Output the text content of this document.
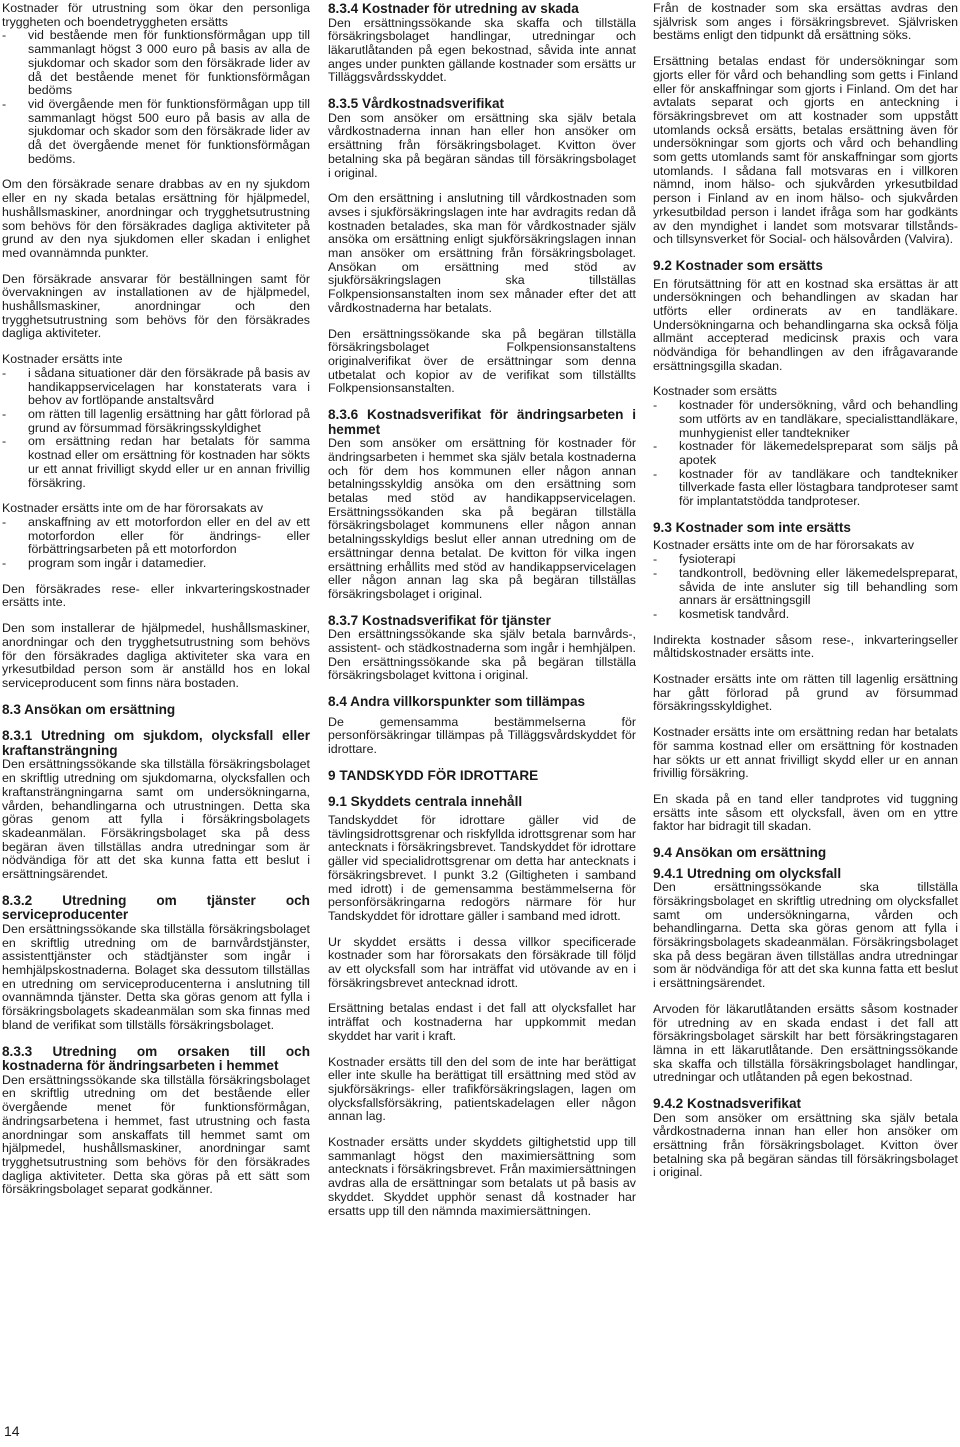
Kostnader för utrustning som ökar den personliga tryggheten och boendetryggheten ersätts

- vid bestående men för funktionsförmågan upp till sammanlagt högst 3 000 euro på basis av alla de sjukdomar och skador som den försäkrade lider av då det bestående menet för funktionsförmågan bedöms
- vid övergående men för funktionsförmågan upp till sammanlagt högst 500 euro på basis av alla de sjukdomar och skador som den försäkrade lider av då det övergående menet för funktionsförmågan bedöms.

Om den försäkrade senare drabbas av en ny sjukdom eller en ny skada betalas ersättning för hjälpmedel, hushållsmaskiner, anordningar och trygghetsutrustning som behövs för den försäkrades dagliga aktiviteter på grund av den nya sjukdomen eller skadan i enlighet med ovannämnda punkter.

Den försäkrade ansvarar för beställningen samt för övervakningen av installationen av de hjälpmedel, hushållsmaskiner, anordningar och den trygghetsutrustning som behövs för den försäkrades dagliga aktiviteter.

Kostnader ersätts inte

- i sådana situationer där den försäkrade på basis av handikappservicelagen har konstaterats vara i behov av fortlöpande anstaltsvård
- om rätten till lagenlig ersättning har gått förlorad på grund av försummad försäkringsskyldighet
- om ersättning redan har betalats för samma kostnad eller om ersättning för kostnaden har sökts ur ett annat frivilligt skydd eller ur en annan frivillig försäkring.

Kostnader ersätts inte om de har förorsakats av

- anskaffning av ett motorfordon eller en del av ett motorfordon eller för ändrings- eller förbättringsarbeten på ett motorfordon
- program som ingår i datamedier.

Den försäkrades rese- eller inkvarteringskostnader ersätts inte.

Den som installerar de hjälpmedel, hushållsmaskiner, anordningar och den trygghetsutrustning som behövs för den försäkrades dagliga aktiviteter ska vara en yrkesutbildad person som är anställd hos en lokal serviceproducent som finns nära bostaden.

8.3 Ansökan om ersättning
8.3.1 Utredning om sjukdom, olycksfall eller kraftansträngning

Den ersättningssökande ska tillställa försäkringsbolaget en skriftlig utredning om sjukdomarna, olycksfallen och kraftansträngningarna samt om undersökningarna, vården, behandlingarna och utrustningen. Detta ska göras genom att fylla i försäkringsbolagets skadeanmälan. Försäkringsbolaget ska på dess begäran även tillställas andra utredningar som är nödvändiga för att det ska kunna fatta ett beslut i ersättningsärendet.

8.3.2 Utredning om tjänster och serviceproducenter

Den ersättningssökande ska tillställa försäkringsbolaget en skriftlig utredning om de barnvårdstjänster, assistenttjänster och städtjänster som ingår i hemhjälpskostnaderna. Bolaget ska dessutom tillställas en utredning om serviceproducenterna i anslutning till ovannämnda tjänster. Detta ska göras genom att fylla i försäkringsbolagets skadeanmälan som ska finnas med bland de verifikat som tillställs försäkringsbolaget.

8.3.3 Utredning om orsaken till och kostnaderna för ändringsarbeten i hemmet

Den ersättningssökande ska tillställa försäkringsbolaget en skriftlig utredning om det bestående eller övergående menet för funktionsförmågan, ändringsarbetena i hemmet, fast utrustning och fasta anordningar som anskaffats till hemmet samt om hjälpmedel, hushållsmaskiner, anordningar samt trygghetsutrustning som behövs för den försäkrades dagliga aktiviteter. Detta ska göras på ett sätt som försäkringsbolaget separat godkänner.

8.3.4 Kostnader för utredning av skada

Den ersättningssökande ska skaffa och tillställa försäkringsbolaget handlingar, utredningar och läkarutlåtanden på egen bekostnad, såvida inte annat anges under punkten gällande kostnader som ersätts ur Tilläggsvårdsskyddet.

8.3.5 Vårdkostnadsverifikat

Den som ansöker om ersättning ska själv betala vårdkostnaderna innan han eller hon ansöker om ersättning från försäkringsbolaget. Kvitton över betalning ska på begäran sändas till försäkringsbolaget i original.

Om den ersättning i anslutning till vårdkostnaden som avses i sjukförsäkringslagen inte har avdragits redan då kostnaden betalades, ska man för vårdkostnader själv ansöka om ersättning enligt sjukförsäkringslagen innan man ansöker om ersättning från försäkringsbolaget. Ansökan om ersättning med stöd av sjukförsäkringslagen ska tillställas Folkpensionsanstalten inom sex månader efter det att vårdkostnaderna har betalats.

Den ersättningssökande ska på begäran tillställa försäkringsbolaget Folkpensionsanstaltens originalverifikat över de ersättningar som denna utbetalat och kopior av de verifikat som tillställts Folkpensionsanstalten.

8.3.6 Kostnadsverifikat för ändringsarbeten i hemmet

Den som ansöker om ersättning för kostnader för ändringsarbeten i hemmet ska själv betala kostnaderna och för dem hos kommunen eller någon annan betalningsskyldig ansöka om den ersättning som betalas med stöd av handikappservicelagen. Ersättningssökanden ska på begäran tillställa försäkringsbolaget kommunens eller någon annan betalningsskyldigs beslut eller annan utredning om de ersättningar denna betalat. De kvitton för vilka ingen ersättning erhållits med stöd av handikappservicelagen eller någon annan lag ska på begäran tillställas försäkringsbolaget i original.

8.3.7 Kostnadsverifikat för tjänster

Den ersättningssökande ska själv betala barnvårds-, assistent- och städkostnaderna som ingår i hemhjälpen. Den ersättningssökande ska på begäran tillställa försäkringsbolaget kvittona i original.

8.4 Andra villkorspunkter som tillämpas

De gemensamma bestämmelserna för personförsäkringar tillämpas på Tilläggsvårdskyddet för idrottare.

9 TANDSKYDD FÖR IDROTTARE
9.1 Skyddets centrala innehåll

Tandskyddet för idrottare gäller vid de tävlingsidrottsgrenar och riskfyllda idrottsgrenar som har antecknats i försäkringsbrevet. Tandskyddet för idrottare gäller vid specialidrottsgrenar om detta har antecknats i försäkringsbrevet. I punkt 3.2 (Giltigheten i samband med idrott) i de gemensamma bestämmelserna för personförsäkringarna redogörs närmare för hur Tandskyddet för idrottare gäller i samband med idrott.

Ur skyddet ersätts i dessa villkor specificerade kostnader som har förorsakats den försäkrade till följd av ett olycksfall som har inträffat vid utövande av en i försäkringsbrevet antecknad idrott.

Ersättning betalas endast i det fall att olycksfallet har inträffat och kostnaderna har uppkommit medan skyddet har varit i kraft.

Kostnader ersätts till den del som de inte har berättigat eller inte skulle ha berättigat till ersättning med stöd av sjukförsäkrings- eller trafikförsäkringslagen, lagen om olycksfallsförsäkring, patientskadelagen eller någon annan lag.

Kostnader ersätts under skyddets giltighetstid upp till sammanlagt högst den maximiersättning som antecknats i försäkringsbrevet. Från maximiersättningen avdras alla de ersättningar som betalats ut på basis av skyddet. Skyddet upphör senast då kostnader har ersatts upp till den nämnda maximiersättningen.

Från de kostnader som ska ersättas avdras den självrisk som anges i försäkringsbrevet. Självrisken bestäms enligt den tidpunkt då ersättning söks.

Ersättning betalas endast för undersökningar som gjorts eller för vård och behandling som getts i Finland eller för anskaffningar som gjorts i Finland. Om det har avtalats separat och gjorts en anteckning i försäkringsbrevet om att kostnader som uppstått utomlands också ersätts, betalas ersättning även för undersökningar som gjorts och vård och behandling som getts utomlands samt för anskaffningar som gjorts utomlands. I sådana fall motsvaras en i villkoren nämnd, inom hälso- och sjukvården yrkesutbildad person i Finland av en inom hälso- och sjukvården yrkesutbildad person i landet ifråga som har godkänts av den myndighet i landet som motsvarar tillstånds- och tillsynsverket för Social- och hälsovården (Valvira).

9.2 Kostnader som ersätts

En förutsättning för att en kostnad ska ersättas är att undersökningen och behandlingen av skadan har utförts eller ordinerats av en tandläkare. Undersökningarna och behandlingarna ska också följa allmänt accepterad medicinsk praxis och vara nödvändiga för behandlingen av den ifrågavarande ersättningsgilla skadan.

Kostnader som ersätts

- kostnader för undersökning, vård och behandling som utförts av en tandläkare, specialisttandläkare, munhygienist eller tandtekniker
- kostnader för läkemedelspreparat som säljs på apotek
- kostnader för av tandläkare och tandtekniker tillverkade fasta eller löstagbara tandproteser samt för implantatstödda tandproteser.
9.3 Kostnader som inte ersätts

Kostnader ersätts inte om de har förorsakats av

- fysioterapi
- tandkontroll, bedövning eller läkemedelspreparat, såvida de inte ansluter sig till behandling som annars är ersättningsgill
- kosmetisk tandvård.

Indirekta kostnader såsom rese-, inkvarteringseller måltidskostnader ersätts inte.

Kostnader ersätts inte om rätten till lagenlig ersättning har gått förlorad på grund av försummad försäkringsskyldighet.

Kostnader ersätts inte om ersättning redan har betalats för samma kostnad eller om ersättning för kostnaden har sökts ur ett annat frivilligt skydd eller ur en annan frivillig försäkring.

En skada på en tand eller tandprotes vid tuggning ersätts inte såsom ett olycksfall, även om en yttre faktor har bidragit till skadan.

9.4 Ansökan om ersättning
9.4.1 Utredning om olycksfall

Den ersättningssökande ska tillställa försäkringsbolaget en skriftlig utredning om olycksfallet samt om undersökningarna, vården och behandlingarna. Detta ska göras genom att fylla i försäkringsbolagets skadeanmälan. Försäkringsbolaget ska på dess begäran även tillställas andra utredningar som är nödvändiga för att det ska kunna fatta ett beslut i ersättningsärendet.

Arvoden för läkarutlåtanden ersätts såsom kostnader för utredning av en skada endast i det fall att försäkringsbolaget särskilt har bett försäkringstagaren lämna in ett läkarutlåtande. Den ersättningssökande ska skaffa och tillställa försäkringsbolaget handlingar, utredningar och utlåtanden på egen bekostnad.

9.4.2 Kostnadsverifikat

Den som ansöker om ersättning ska själv betala vårdkostnaderna innan han eller hon ansöker om ersättning från försäkringsbolaget. Kvitton över betalning ska på begäran sändas till försäkringsbolaget i original.

14
